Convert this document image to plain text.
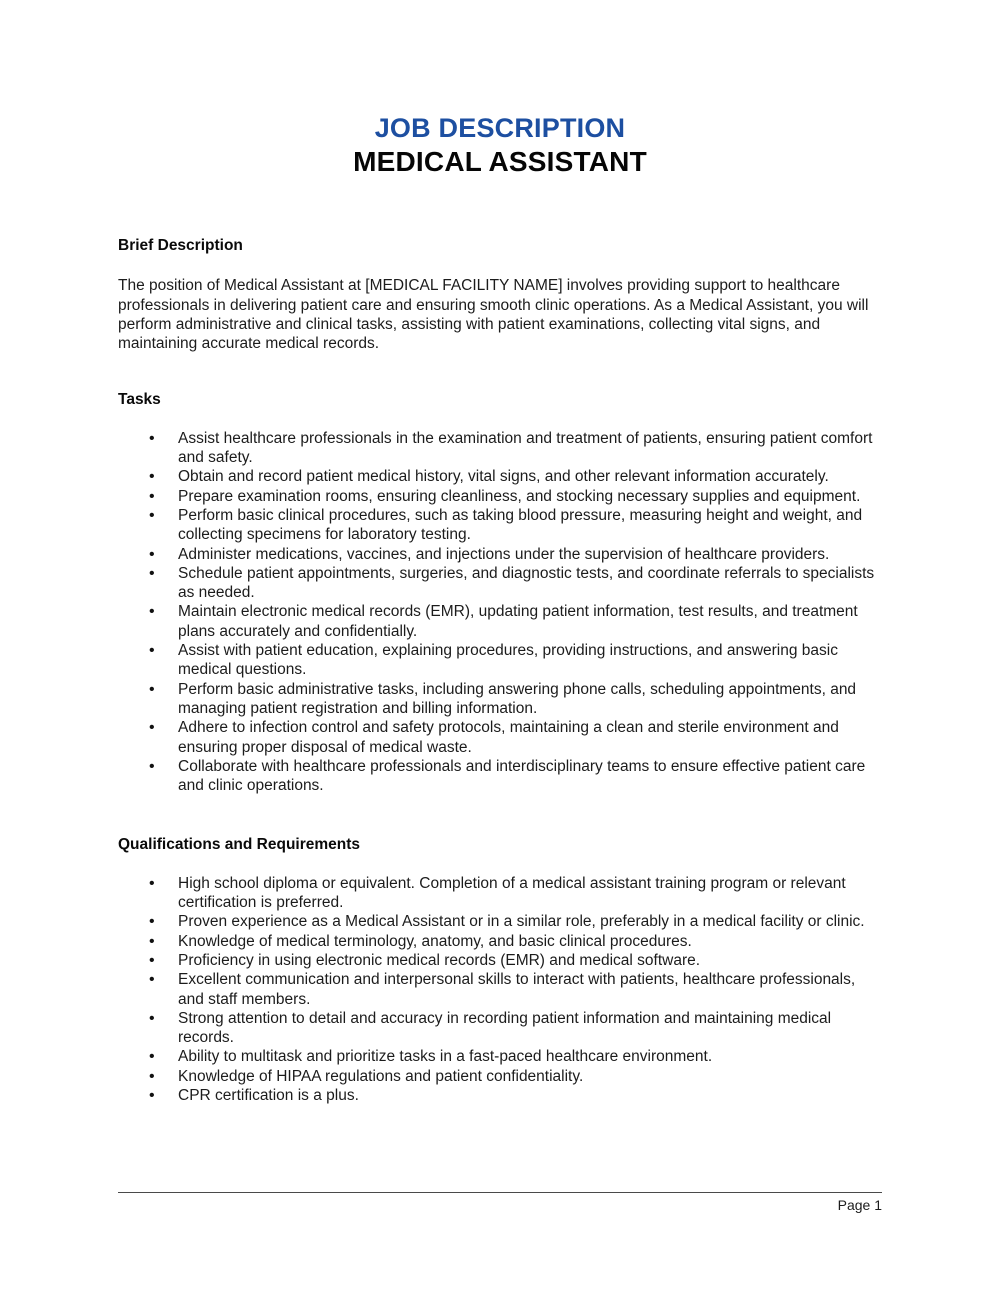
JOB DESCRIPTION
MEDICAL ASSISTANT
Brief Description

The position of Medical Assistant at [MEDICAL FACILITY NAME] involves providing support to healthcare professionals in delivering patient care and ensuring smooth clinic operations. As a Medical Assistant, you will perform administrative and clinical tasks, assisting with patient examinations, collecting vital signs, and maintaining accurate medical records.

Tasks
• Assist healthcare professionals in the examination and treatment of patients, ensuring patient comfort and safety.
• Obtain and record patient medical history, vital signs, and other relevant information accurately.
• Prepare examination rooms, ensuring cleanliness, and stocking necessary supplies and equipment.
• Perform basic clinical procedures, such as taking blood pressure, measuring height and weight, and collecting specimens for laboratory testing.
• Administer medications, vaccines, and injections under the supervision of healthcare providers.
• Schedule patient appointments, surgeries, and diagnostic tests, and coordinate referrals to specialists as needed.
• Maintain electronic medical records (EMR), updating patient information, test results, and treatment plans accurately and confidentially.
• Assist with patient education, explaining procedures, providing instructions, and answering basic medical questions.
• Perform basic administrative tasks, including answering phone calls, scheduling appointments, and managing patient registration and billing information.
• Adhere to infection control and safety protocols, maintaining a clean and sterile environment and ensuring proper disposal of medical waste.
• Collaborate with healthcare professionals and interdisciplinary teams to ensure effective patient care and clinic operations.
Qualifications and Requirements
• High school diploma or equivalent. Completion of a medical assistant training program or relevant certification is preferred.
• Proven experience as a Medical Assistant or in a similar role, preferably in a medical facility or clinic.
• Knowledge of medical terminology, anatomy, and basic clinical procedures.
• Proficiency in using electronic medical records (EMR) and medical software.
• Excellent communication and interpersonal skills to interact with patients, healthcare professionals, and staff members.
• Strong attention to detail and accuracy in recording patient information and maintaining medical records.
• Ability to multitask and prioritize tasks in a fast-paced healthcare environment.
• Knowledge of HIPAA regulations and patient confidentiality.
• CPR certification is a plus.
Page 1
